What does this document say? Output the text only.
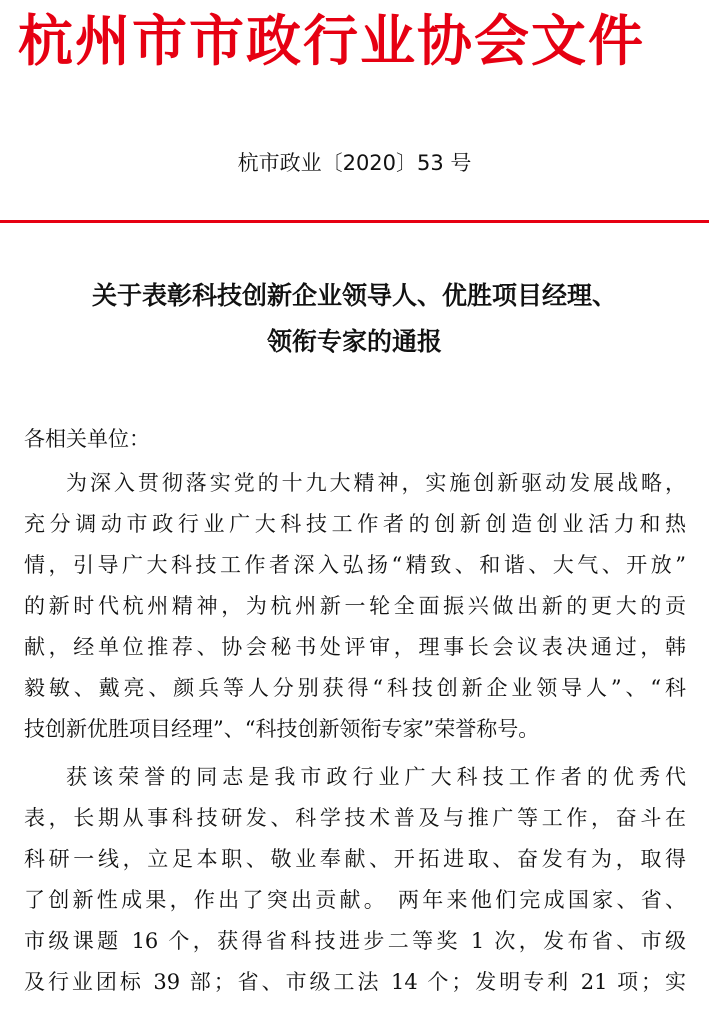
杭州市市政行业协会文件
杭市政业〔2020〕53 号
关于表彰科技创新企业领导人、优胜项目经理、
领衔专家的通报
各相关单位：
为深入贯彻落实党的十九大精神，实施创新驱动发展战略，
充分调动市政行业广大科技工作者的创新创造创业活力和热
情，引导广大科技工作者深入弘扬“精致、和谐、大气、开放”
的新时代杭州精神，为杭州新一轮全面振兴做出新的更大的贡
献，经单位推荐、协会秘书处评审，理事长会议表决通过，韩
毅敏、戴亮、颜兵等人分别获得“科技创新企业领导人”、“科
技创新优胜项目经理”、“科技创新领衔专家”荣誉称号。
获该荣誉的同志是我市政行业广大科技工作者的优秀代
表，长期从事科技研发、科学技术普及与推广等工作，奋斗在
科研一线，立足本职、敬业奉献、开拓进取、奋发有为，取得
了创新性成果，作出了突出贡献。 两年来他们完成国家、省、
市级课题 16 个，获得省科技进步二等奖 1 次，发布省、市级
及行业团标 39 部；省、市级工法 14 个；发明专利 21 项；实
